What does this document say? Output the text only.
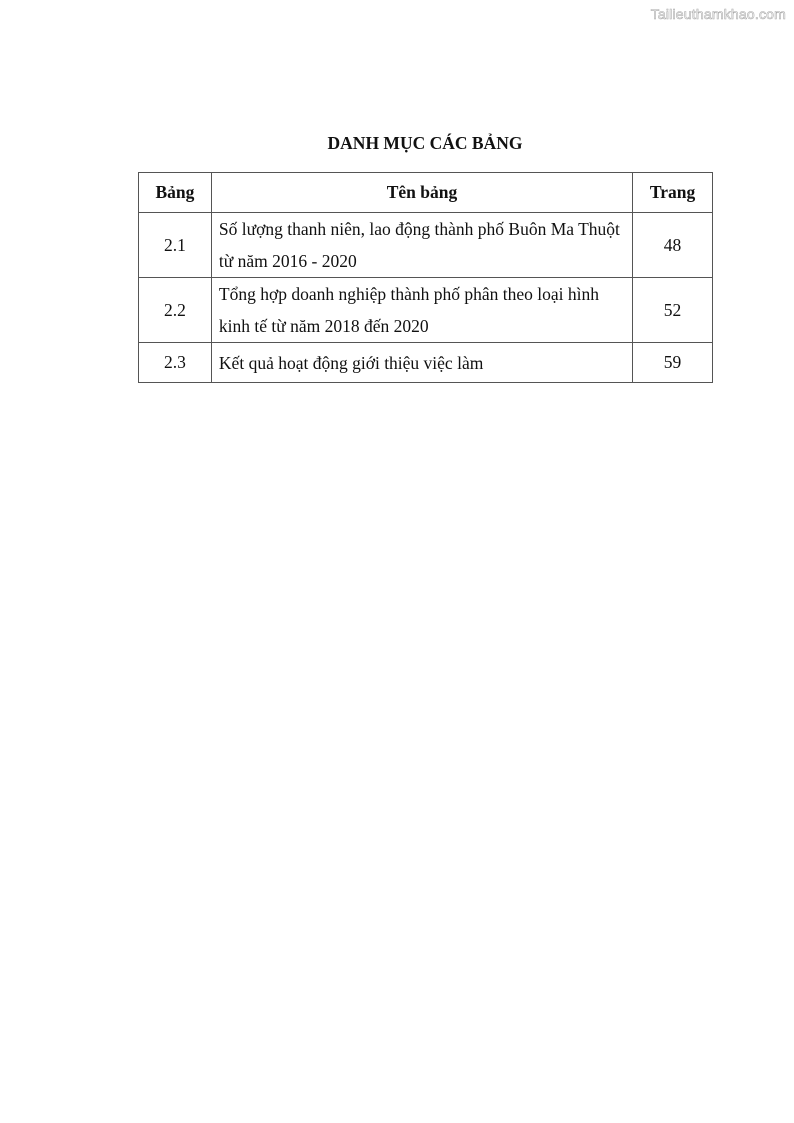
Tailieuthamkhao.com
DANH MỤC CÁC BẢNG
Bảng	Tên bảng	Trang
2.1	Số lượng thanh niên, lao động thành phố Buôn Ma Thuột từ năm 2016 - 2020	48
2.2	Tổng hợp doanh nghiệp thành phố phân theo loại hình kinh tế từ năm 2018 đến 2020	52
2.3	Kết quả hoạt động giới thiệu việc làm	59
